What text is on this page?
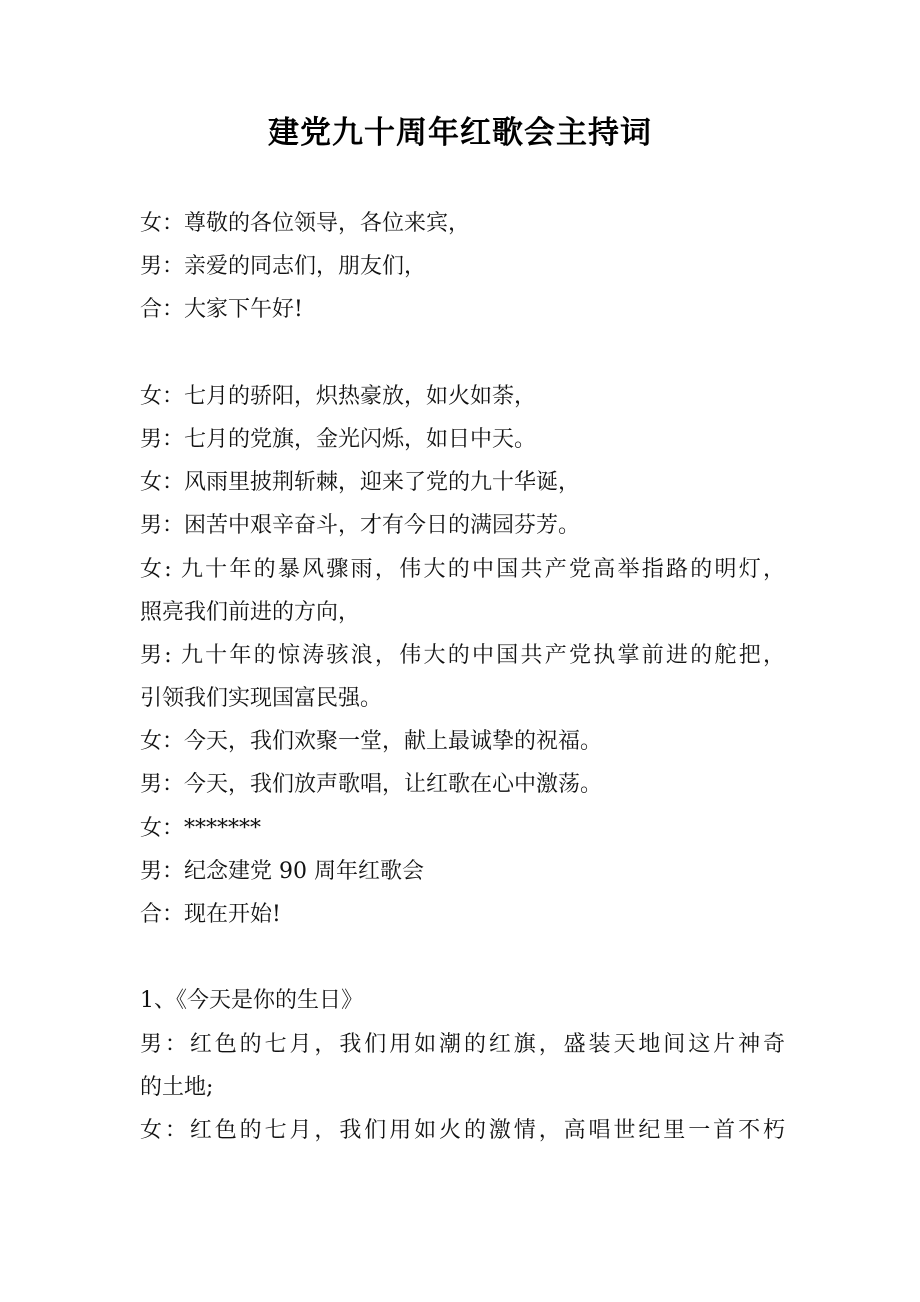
建党九十周年红歌会主持词
女：尊敬的各位领导，各位来宾，
男：亲爱的同志们，朋友们，
合：大家下午好!
女：七月的骄阳，炽热豪放，如火如荼，
男：七月的党旗，金光闪烁，如日中天。
女：风雨里披荆斩棘，迎来了党的九十华诞，
男：困苦中艰辛奋斗，才有今日的满园芬芳。
女: 九十年的暴风骤雨，伟大的中国共产党高举指路的明灯，
照亮我们前进的方向，
男: 九十年的惊涛骇浪，伟大的中国共产党执掌前进的舵把，
引领我们实现国富民强。
女：今天，我们欢聚一堂，献上最诚挚的祝福。
男：今天，我们放声歌唱，让红歌在心中激荡。
女：*******
男：纪念建党 90 周年红歌会
合：现在开始!
1、《今天是你的生日》
男：红色的七月，我们用如潮的红旗，盛装天地间这片神奇
的土地;
女：红色的七月，我们用如火的激情，高唱世纪里一首不朽
